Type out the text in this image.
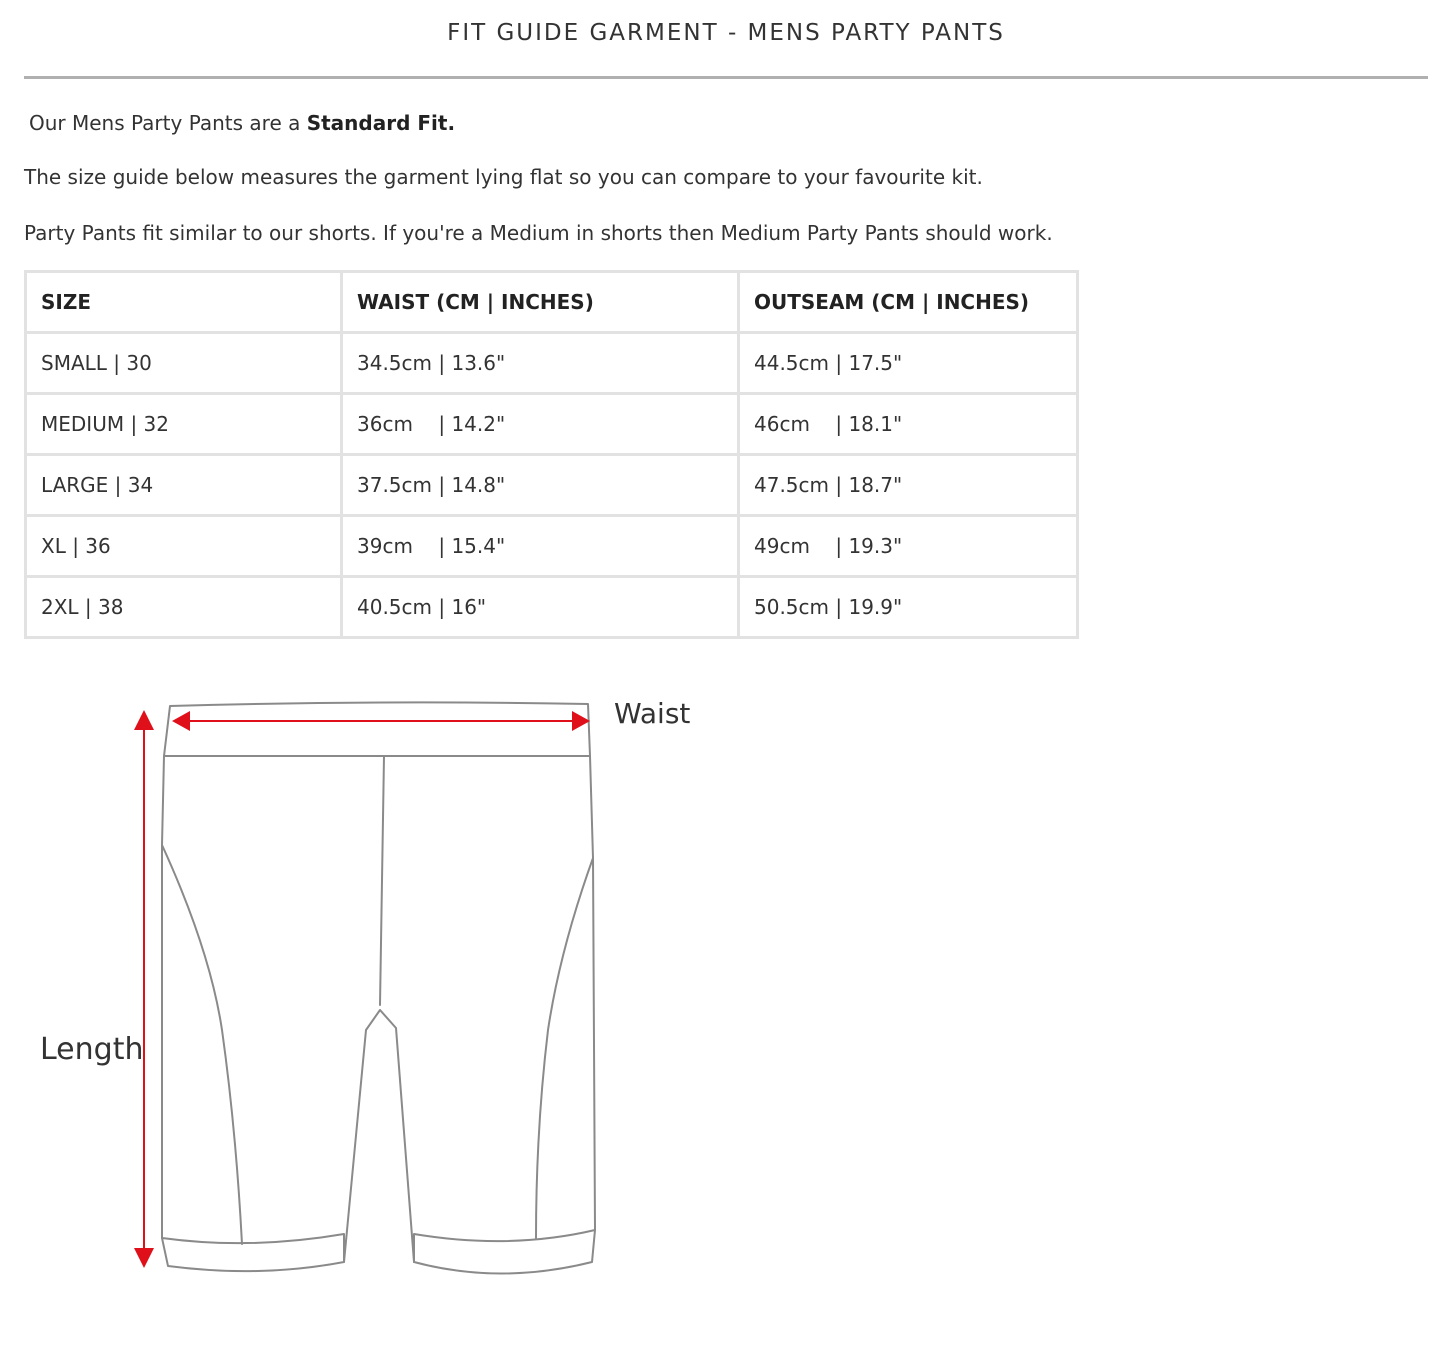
FIT GUIDE GARMENT - MENS PARTY PANTS

Our Mens Party Pants are a Standard Fit.

The size guide below measures the garment lying flat so you can compare to your favourite kit.

Party Pants fit similar to our shorts. If you're a Medium in shorts then Medium Party Pants should work.

SIZE	WAIST (CM | INCHES)	OUTSEAM (CM | INCHES)
SMALL | 30	34.5cm | 13.6"	44.5cm | 17.5"
MEDIUM | 32	36cm    | 14.2"	46cm    | 18.1"
LARGE | 34	37.5cm | 14.8"	47.5cm | 18.7"
XL | 36	39cm    | 15.4"	49cm    | 19.3"
2XL | 38	40.5cm | 16"	50.5cm | 19.9"

Waist

Length
